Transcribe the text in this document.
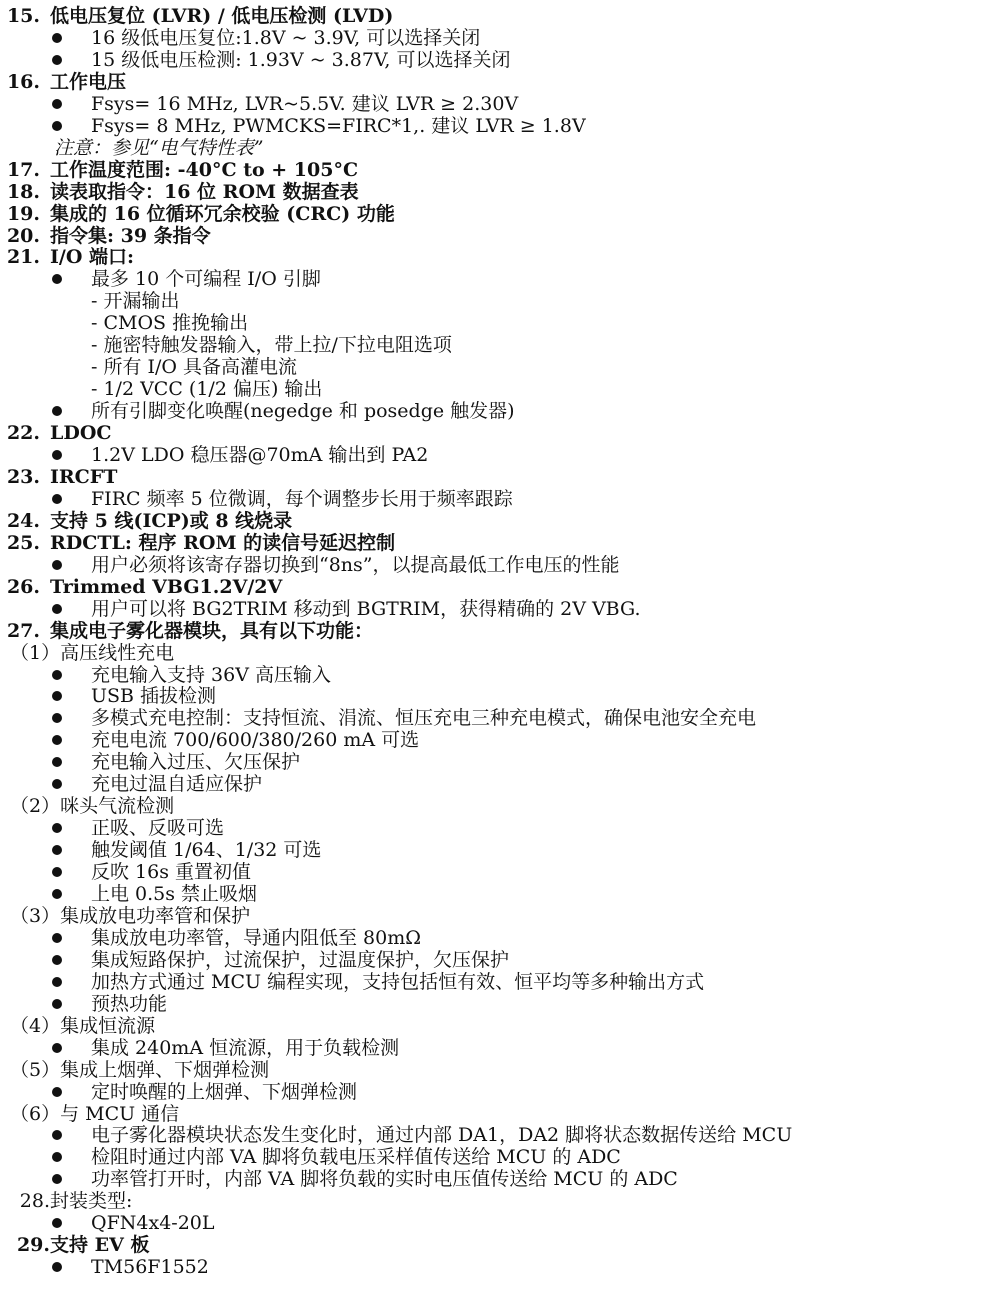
15. 低电压复位 (LVR) / 低电压检测 (LVD)
16 级低电压复位:1.8V ~ 3.9V, 可以选择关闭
15 级低电压检测: 1.93V ~ 3.87V, 可以选择关闭
16. 工作电压
Fsys= 16 MHz, LVR~5.5V. 建议 LVR ≥ 2.30V
Fsys= 8 MHz, PWMCKS=FIRC*1,. 建议 LVR ≥ 1.8V
注意：参见“电气特性表”
17. 工作温度范围: -40°C to + 105°C
18. 读表取指令：16 位 ROM 数据查表
19. 集成的 16 位循环冗余校验 (CRC) 功能
20. 指令集: 39 条指令
21. I/O 端口:
最多 10 个可编程 I/O 引脚
- 开漏输出
- CMOS 推挽输出
- 施密特触发器输入，带上拉/下拉电阻选项
- 所有 I/O 具备高灌电流
- 1/2 VCC (1/2 偏压) 输出
所有引脚变化唤醒(negedge 和 posedge 触发器)
22. LDOC
1.2V LDO 稳压器@70mA 输出到 PA2
23. IRCFT
FIRC 频率 5 位微调，每个调整步长用于频率跟踪
24. 支持 5 线(ICP)或 8 线烧录
25. RDCTL: 程序 ROM 的读信号延迟控制
用户必须将该寄存器切换到“8ns”，以提高最低工作电压的性能
26. Trimmed VBG1.2V/2V
用户可以将 BG2TRIM 移动到 BGTRIM，获得精确的 2V VBG.
27. 集成电子雾化器模块，具有以下功能：
（1）高压线性充电
充电输入支持 36V 高压输入
USB 插拔检测
多模式充电控制：支持恒流、涓流、恒压充电三种充电模式，确保电池安全充电
充电电流 700/600/380/260 mA 可选
充电输入过压、欠压保护
充电过温自适应保护
（2）咪头气流检测
正吸、反吸可选
触发阈值 1/64、1/32 可选
反吹 16s 重置初值
上电 0.5s 禁止吸烟
（3）集成放电功率管和保护
集成放电功率管，导通内阻低至 80mΩ
集成短路保护，过流保护，过温度保护，欠压保护
加热方式通过 MCU 编程实现，支持包括恒有效、恒平均等多种输出方式
预热功能
（4）集成恒流源
集成 240mA 恒流源，用于负载检测
（5）集成上烟弹、下烟弹检测
定时唤醒的上烟弹、下烟弹检测
（6）与 MCU 通信
电子雾化器模块状态发生变化时，通过内部 DA1，DA2 脚将状态数据传送给 MCU
检阻时通过内部 VA 脚将负载电压采样值传送给 MCU 的 ADC
功率管打开时，内部 VA 脚将负载的实时电压值传送给 MCU 的 ADC
28.封装类型:
QFN4x4-20L
29.支持 EV 板
TM56F1552
